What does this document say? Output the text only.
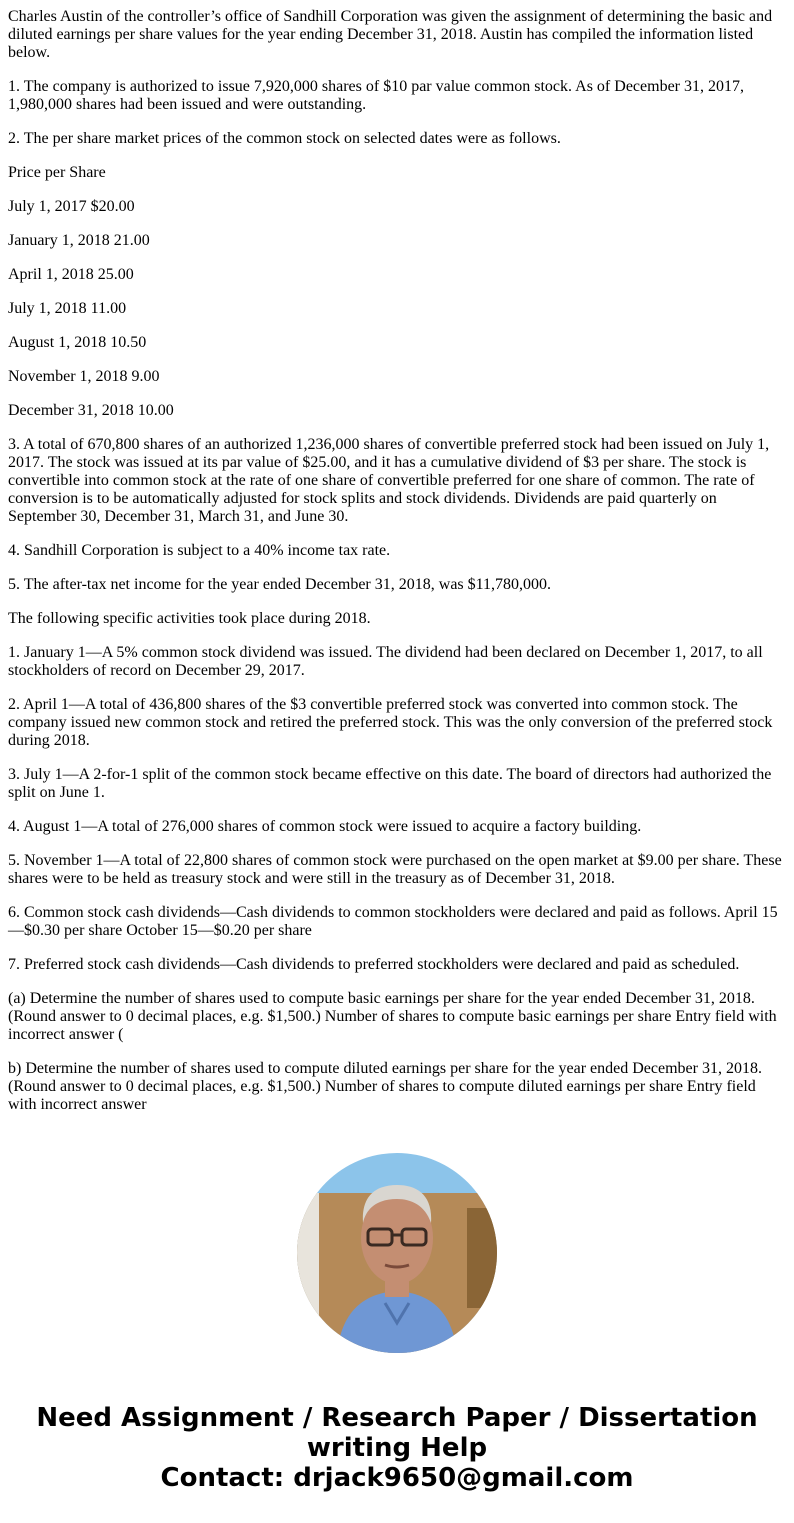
Charles Austin of the controller’s office of Sandhill Corporation was given the assignment of determining the basic and diluted earnings per share values for the year ending December 31, 2018. Austin has compiled the information listed below.

1. The company is authorized to issue 7,920,000 shares of $10 par value common stock. As of December 31, 2017, 1,980,000 shares had been issued and were outstanding.

2. The per share market prices of the common stock on selected dates were as follows.

Price per Share

July 1, 2017 $20.00

January 1, 2018 21.00

April 1, 2018 25.00

July 1, 2018 11.00

August 1, 2018 10.50

November 1, 2018 9.00

December 31, 2018 10.00

3. A total of 670,800 shares of an authorized 1,236,000 shares of convertible preferred stock had been issued on July 1, 2017. The stock was issued at its par value of $25.00, and it has a cumulative dividend of $3 per share. The stock is convertible into common stock at the rate of one share of convertible preferred for one share of common. The rate of conversion is to be automatically adjusted for stock splits and stock dividends. Dividends are paid quarterly on September 30, December 31, March 31, and June 30.

4. Sandhill Corporation is subject to a 40% income tax rate.

5. The after-tax net income for the year ended December 31, 2018, was $11,780,000.

The following specific activities took place during 2018.

1. January 1—A 5% common stock dividend was issued. The dividend had been declared on December 1, 2017, to all stockholders of record on December 29, 2017.

2. April 1—A total of 436,800 shares of the $3 convertible preferred stock was converted into common stock. The company issued new common stock and retired the preferred stock. This was the only conversion of the preferred stock during 2018.

3. July 1—A 2-for-1 split of the common stock became effective on this date. The board of directors had authorized the split on June 1.

4. August 1—A total of 276,000 shares of common stock were issued to acquire a factory building.

5. November 1—A total of 22,800 shares of common stock were purchased on the open market at $9.00 per share. These shares were to be held as treasury stock and were still in the treasury as of December 31, 2018.

6. Common stock cash dividends—Cash dividends to common stockholders were declared and paid as follows. April 15—$0.30 per share October 15—$0.20 per share

7. Preferred stock cash dividends—Cash dividends to preferred stockholders were declared and paid as scheduled.

(a) Determine the number of shares used to compute basic earnings per share for the year ended December 31, 2018. (Round answer to 0 decimal places, e.g. $1,500.) Number of shares to compute basic earnings per share Entry field with incorrect answer (

b) Determine the number of shares used to compute diluted earnings per share for the year ended December 31, 2018. (Round answer to 0 decimal places, e.g. $1,500.) Number of shares to compute diluted earnings per share Entry field with incorrect answer

Need Assignment / Research Paper / Dissertation
writing Help
Contact: drjack9650@gmail.com
